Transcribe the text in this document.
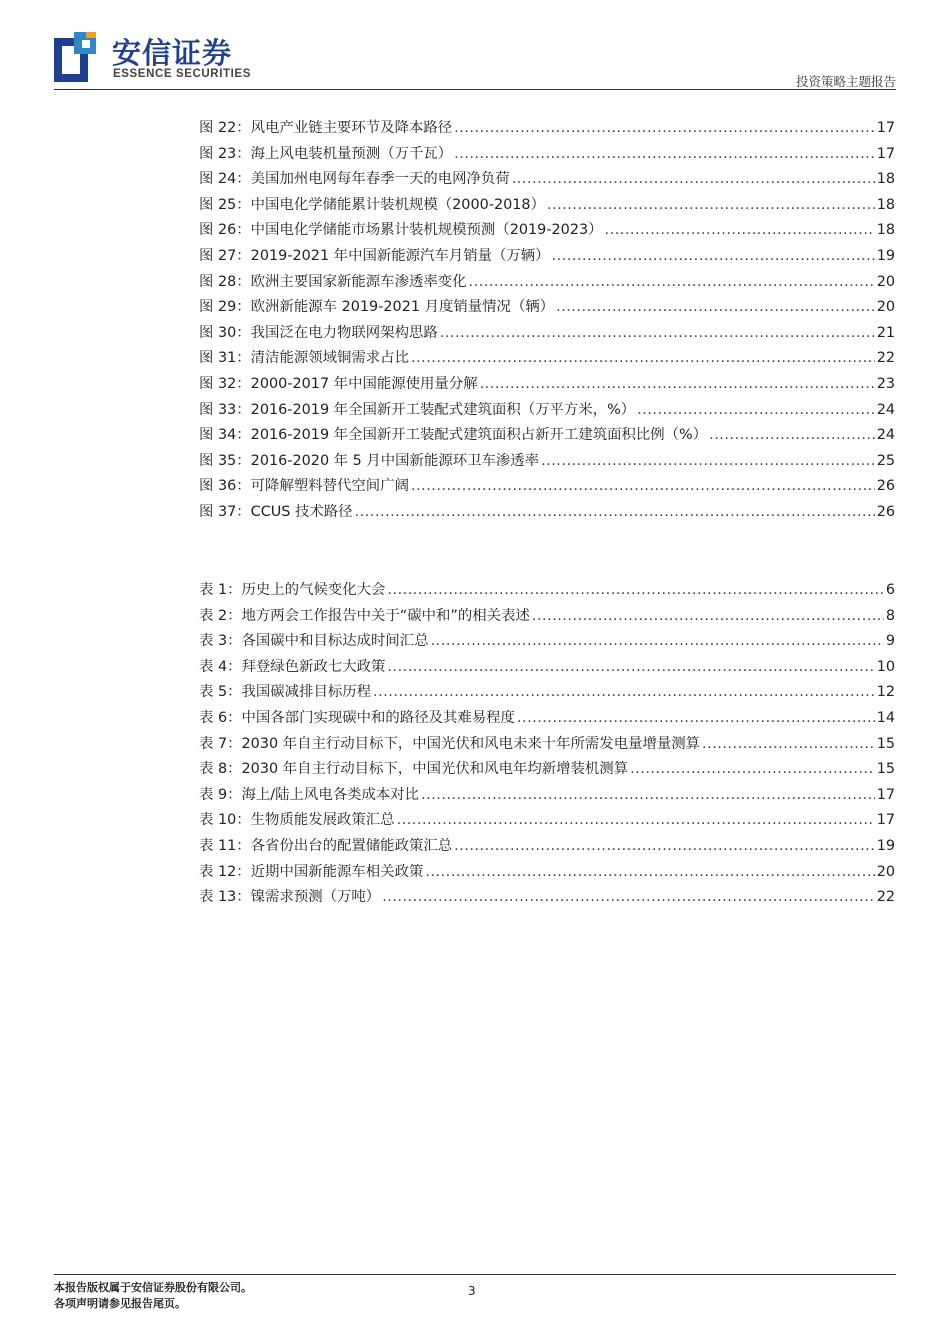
安信证券
ESSENCE SECURITIES	投资策略主题报告
图 22：风电产业链主要环节及降本路径 .....	17
图 23：海上风电装机量预测（万千瓦） .....	17
图 24：美国加州电网每年春季一天的电网净负荷 .....	18
图 25：中国电化学储能累计装机规模（2000-2018） .....	18
图 26：中国电化学储能市场累计装机规模预测（2019-2023） .....	18
图 27：2019-2021 年中国新能源汽车月销量（万辆） .....	19
图 28：欧洲主要国家新能源车渗透率变化 .....	20
图 29：欧洲新能源车 2019-2021 月度销量情况（辆） .....	20
图 30：我国泛在电力物联网架构思路 .....	21
图 31：清洁能源领域铜需求占比 .....	22
图 32：2000-2017 年中国能源使用量分解 .....	23
图 33：2016-2019 年全国新开工装配式建筑面积（万平方米，%） .....	24
图 34：2016-2019 年全国新开工装配式建筑面积占新开工建筑面积比例（%） .....	24
图 35：2016-2020 年 5 月中国新能源环卫车渗透率 .....	25
图 36：可降解塑料替代空间广阔 .....	26
图 37：CCUS 技术路径 .....	26
表 1：历史上的气候变化大会 .....	6
表 2：地方两会工作报告中关于“碳中和”的相关表述 .....	8
表 3：各国碳中和目标达成时间汇总 .....	9
表 4：拜登绿色新政七大政策 .....	10
表 5：我国碳减排目标历程 .....	12
表 6：中国各部门实现碳中和的路径及其难易程度 .....	14
表 7：2030 年自主行动目标下，中国光伏和风电未来十年所需发电量增量测算 .....	15
表 8：2030 年自主行动目标下，中国光伏和风电年均新增装机测算 .....	15
表 9：海上/陆上风电各类成本对比 .....	17
表 10：生物质能发展政策汇总 .....	17
表 11：各省份出台的配置储能政策汇总 .....	19
表 12：近期中国新能源车相关政策 .....	20
表 13：镍需求预测（万吨） .....	22
本报告版权属于安信证券股份有限公司。
各项声明请参见报告尾页。
3
